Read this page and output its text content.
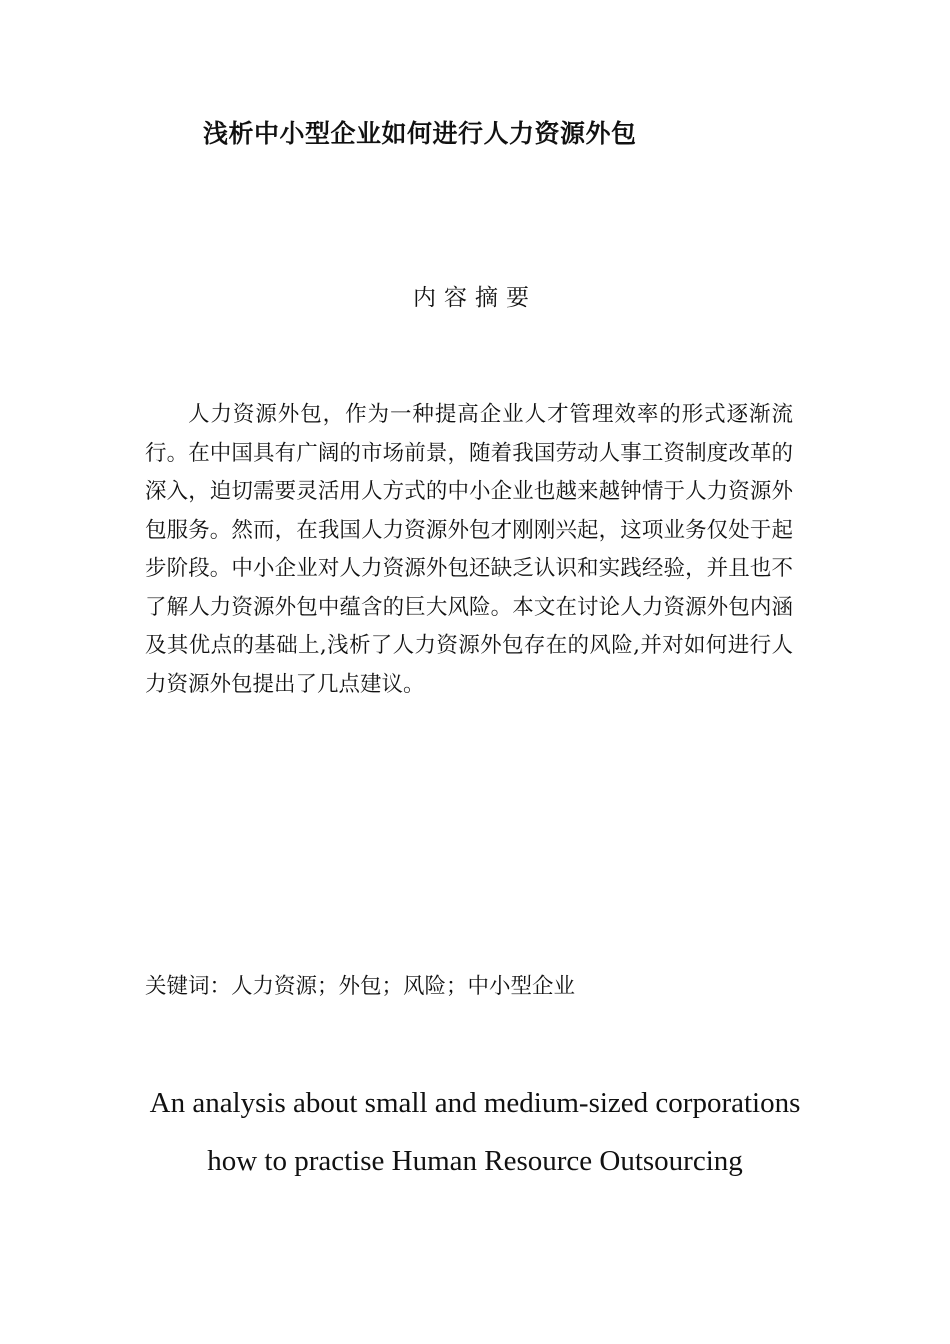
浅析中小型企业如何进行人力资源外包
内容摘要

人力资源外包，作为一种提高企业人才管理效率的形式逐渐流行。在中国具有广阔的市场前景，随着我国劳动人事工资制度改革的深入，迫切需要灵活用人方式的中小企业也越来越钟情于人力资源外包服务。然而，在我国人力资源外包才刚刚兴起，这项业务仅处于起步阶段。中小企业对人力资源外包还缺乏认识和实践经验，并且也不了解人力资源外包中蕴含的巨大风险。本文在讨论人力资源外包内涵及其优点的基础上,浅析了人力资源外包存在的风险,并对如何进行人力资源外包提出了几点建议。

关键词：人力资源；外包；风险；中小型企业
An analysis about small and medium-sized corporations
how to practise Human Resource Outsourcing
